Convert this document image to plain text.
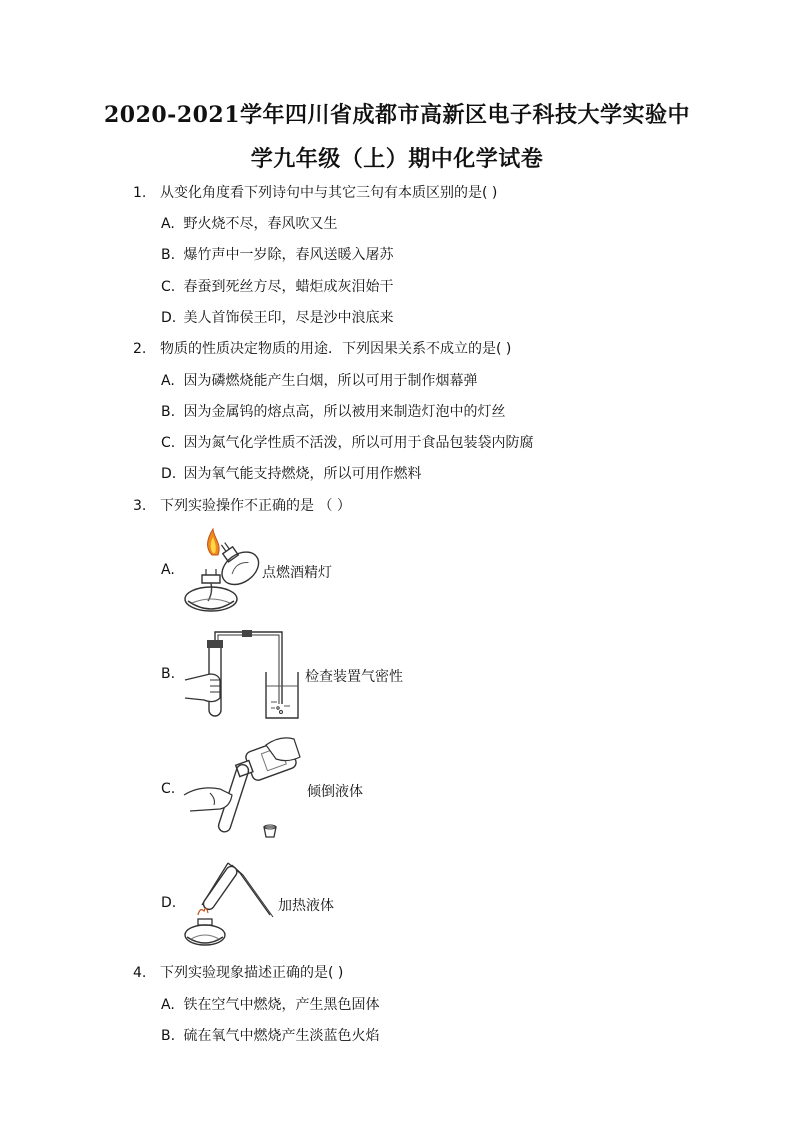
2020-2021学年四川省成都市高新区电子科技大学实验中
学九年级（上）期中化学试卷
1. 从变化角度看下列诗句中与其它三句有本质区别的是( )
A. 野火烧不尽，春风吹又生
B. 爆竹声中一岁除，春风送暖入屠苏
C. 春蚕到死丝方尽，蜡炬成灰泪始干
D. 美人首饰侯王印，尽是沙中浪底来
2. 物质的性质决定物质的用途．下列因果关系不成立的是( )
A. 因为磷燃烧能产生白烟，所以可用于制作烟幕弹
B. 因为金属钨的熔点高，所以被用来制造灯泡中的灯丝
C. 因为氮气化学性质不活泼，所以可用于食品包装袋内防腐
D. 因为氧气能支持燃烧，所以可用作燃料
3. 下列实验操作不正确的是 （ ）
A.	点燃酒精灯
B.	检查装置气密性
C.	倾倒液体
D.	加热液体
4. 下列实验现象描述正确的是( )
A. 铁在空气中燃烧，产生黑色固体
B. 硫在氧气中燃烧产生淡蓝色火焰
